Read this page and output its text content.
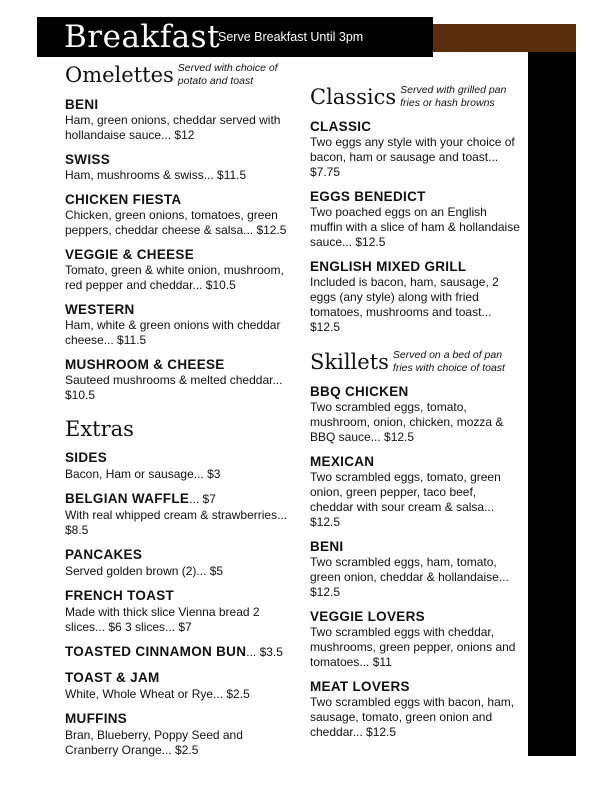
Breakfast
Serve Breakfast Until 3pm
Omelettes Served with choice of potato and toast
BENI
Ham, green onions, cheddar served with hollandaise sauce... $12
SWISS
Ham, mushrooms & swiss... $11.5
CHICKEN FIESTA
Chicken, green onions, tomatoes, green peppers, cheddar cheese & salsa... $12.5
VEGGIE & CHEESE
Tomato, green & white onion, mushroom, red pepper and cheddar... $10.5
WESTERN
Ham, white & green onions with cheddar cheese... $11.5
MUSHROOM & CHEESE
Sauteed mushrooms & melted cheddar... $10.5
Extras
SIDES
Bacon, Ham or sausage... $3
BELGIAN WAFFLE... $7
With real whipped cream & strawberries... $8.5
PANCAKES
Served golden brown (2)... $5
FRENCH TOAST
Made with thick slice Vienna bread 2 slices... $6 3 slices... $7
TOASTED CINNAMON BUN... $3.5
TOAST & JAM
White, Whole Wheat or Rye... $2.5
MUFFINS
Bran, Blueberry, Poppy Seed and Cranberry Orange... $2.5
Classics Served with grilled pan fries or hash browns
CLASSIC
Two eggs any style with your choice of bacon, ham or sausage and toast... $7.75
EGGS BENEDICT
Two poached eggs on an English muffin with a slice of ham & hollandaise sauce... $12.5
ENGLISH MIXED GRILL
Included is bacon, ham, sausage, 2 eggs (any style) along with fried tomatoes, mushrooms and toast... $12.5
Skillets Served on a bed of pan fries with choice of toast
BBQ CHICKEN
Two scrambled eggs, tomato, mushroom, onion, chicken, mozza & BBQ sauce... $12.5
MEXICAN
Two scrambled eggs, tomato, green onion, green pepper, taco beef, cheddar with sour cream & salsa... $12.5
BENI
Two scrambled eggs, ham, tomato, green onion, cheddar & hollandaise... $12.5
VEGGIE LOVERS
Two scrambled eggs with cheddar, mushrooms, green pepper, onions and tomatoes... $11
MEAT LOVERS
Two scrambled eggs with bacon, ham, sausage, tomato, green onion and cheddar... $12.5
